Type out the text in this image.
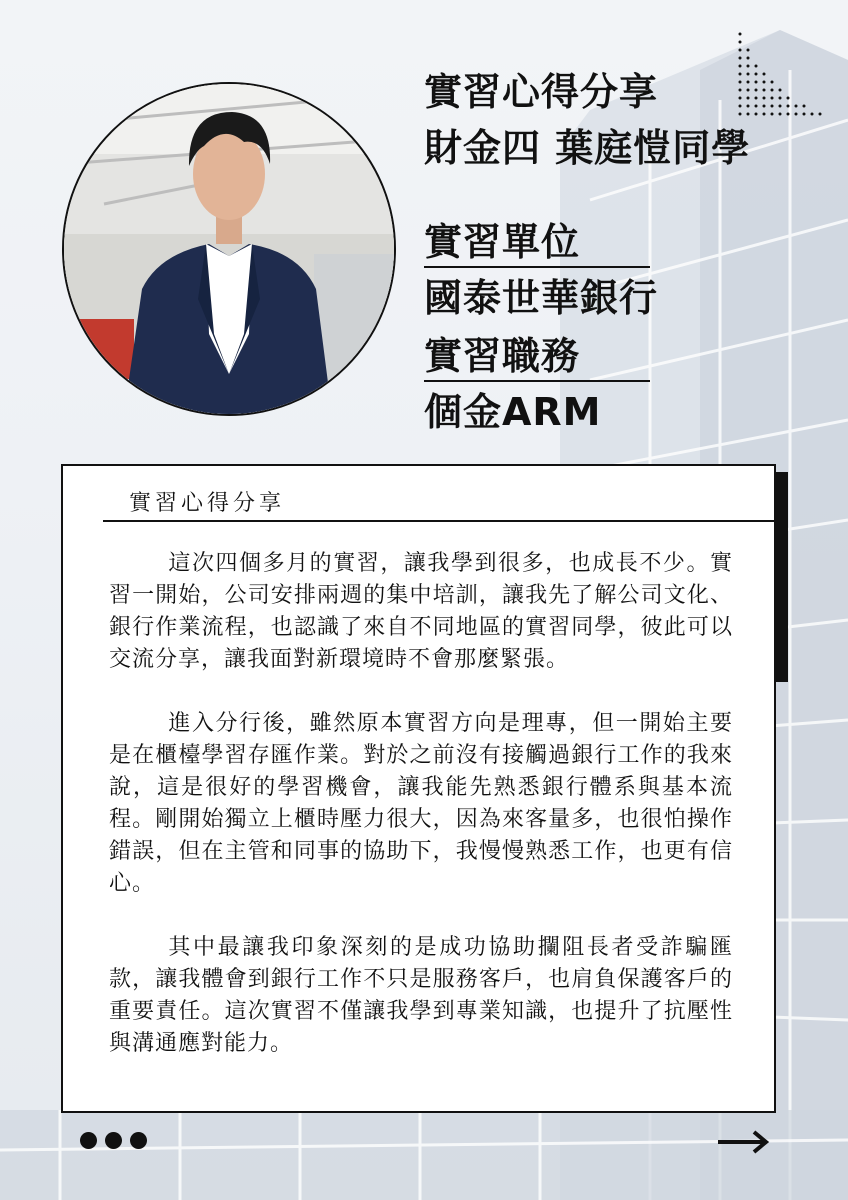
實習心得分享
財金四 葉庭愷同學
實習單位
國泰世華銀行
實習職務
個金ARM
實習心得分享

這次四個多月的實習，讓我學到很多，也成長不少。實習一開始，公司安排兩週的集中培訓，讓我先了解公司文化、銀行作業流程，也認識了來自不同地區的實習同學，彼此可以交流分享，讓我面對新環境時不會那麼緊張。

進入分行後，雖然原本實習方向是理專，但一開始主要是在櫃檯學習存匯作業。對於之前沒有接觸過銀行工作的我來說，這是很好的學習機會，讓我能先熟悉銀行體系與基本流程。剛開始獨立上櫃時壓力很大，因為來客量多，也很怕操作錯誤，但在主管和同事的協助下，我慢慢熟悉工作，也更有信心。

其中最讓我印象深刻的是成功協助攔阻長者受詐騙匯款，讓我體會到銀行工作不只是服務客戶，也肩負保護客戶的重要責任。這次實習不僅讓我學到專業知識，也提升了抗壓性與溝通應對能力。
